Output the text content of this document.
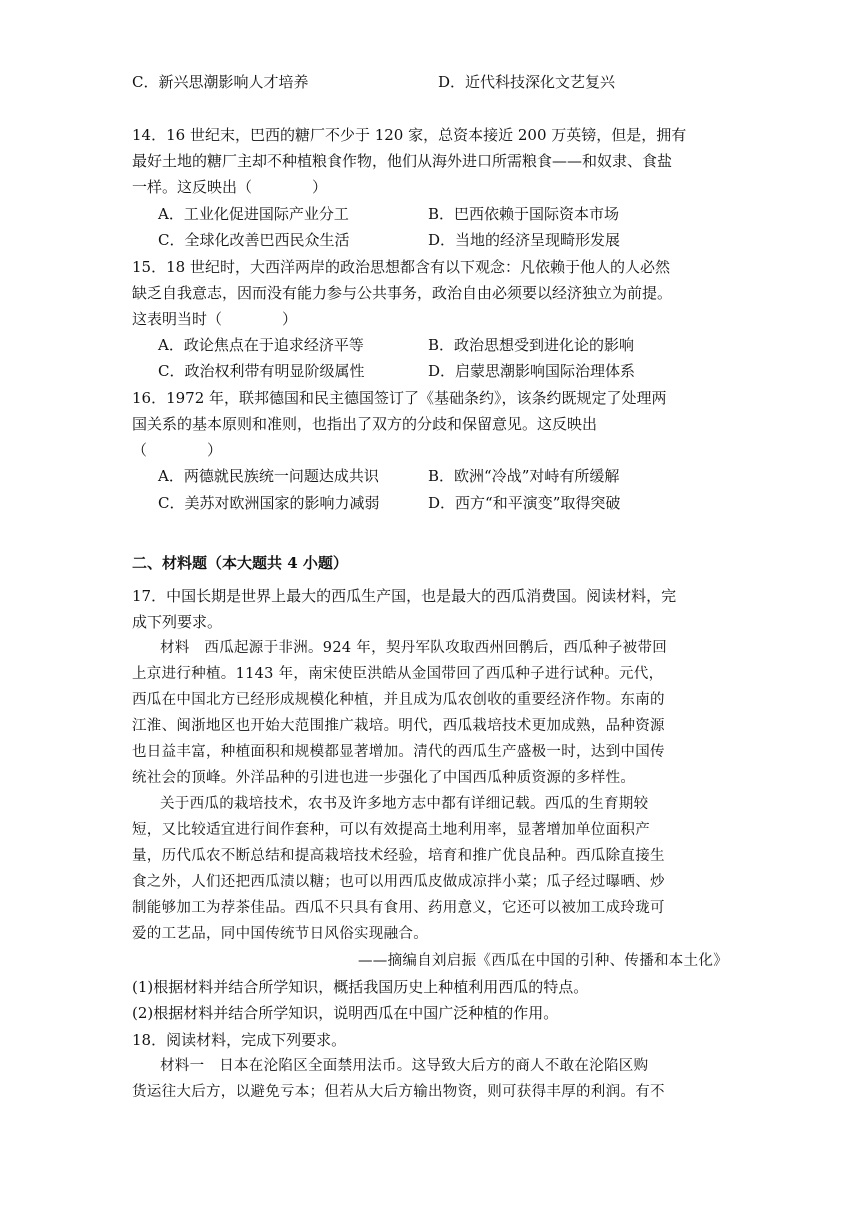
C．新兴思潮影响人才培养	D．近代科技深化文艺复兴
14．16 世纪末，巴西的糖厂不少于 120 家，总资本接近 200 万英镑，但是，拥有
最好土地的糖厂主却不种植粮食作物，他们从海外进口所需粮食——和奴隶、食盐
一样。这反映出（　　　　）
A．工业化促进国际产业分工	B．巴西依赖于国际资本市场
C．全球化改善巴西民众生活	D．当地的经济呈现畸形发展
15．18 世纪时，大西洋两岸的政治思想都含有以下观念：凡依赖于他人的人必然
缺乏自我意志，因而没有能力参与公共事务，政治自由必须要以经济独立为前提。
这表明当时（　　　　）
A．政论焦点在于追求经济平等	B．政治思想受到进化论的影响
C．政治权利带有明显阶级属性	D．启蒙思潮影响国际治理体系
16．1972 年，联邦德国和民主德国签订了《基础条约》，该条约既规定了处理两
国关系的基本原则和准则，也指出了双方的分歧和保留意见。这反映出
（　　　　）
A．两德就民族统一问题达成共识	B．欧洲“冷战”对峙有所缓解
C．美苏对欧洲国家的影响力减弱	D．西方“和平演变”取得突破
二、材料题（本大题共 4 小题）
17．中国长期是世界上最大的西瓜生产国，也是最大的西瓜消费国。阅读材料，完
成下列要求。
材料　西瓜起源于非洲。924 年，契丹军队攻取西州回鹘后，西瓜种子被带回
上京进行种植。1143 年，南宋使臣洪皓从金国带回了西瓜种子进行试种。元代，
西瓜在中国北方已经形成规模化种植，并且成为瓜农创收的重要经济作物。东南的
江淮、闽浙地区也开始大范围推广栽培。明代，西瓜栽培技术更加成熟，品种资源
也日益丰富，种植面积和规模都显著增加。清代的西瓜生产盛极一时，达到中国传
统社会的顶峰。外洋品种的引进也进一步强化了中国西瓜种质资源的多样性。
关于西瓜的栽培技术，农书及许多地方志中都有详细记载。西瓜的生育期较
短，又比较适宜进行间作套种，可以有效提高土地利用率，显著增加单位面积产
量，历代瓜农不断总结和提高栽培技术经验，培育和推广优良品种。西瓜除直接生
食之外，人们还把西瓜渍以糖；也可以用西瓜皮做成凉拌小菜；瓜子经过曝晒、炒
制能够加工为荐茶佳品。西瓜不只具有食用、药用意义，它还可以被加工成玲珑可
爱的工艺品，同中国传统节日风俗实现融合。
——摘编自刘启振《西瓜在中国的引种、传播和本土化》
(1)根据材料并结合所学知识，概括我国历史上种植利用西瓜的特点。
(2)根据材料并结合所学知识，说明西瓜在中国广泛种植的作用。
18．阅读材料，完成下列要求。
材料一　日本在沦陷区全面禁用法币。这导致大后方的商人不敢在沦陷区购
货运往大后方，以避免亏本；但若从大后方输出物资，则可获得丰厚的利润。有不
